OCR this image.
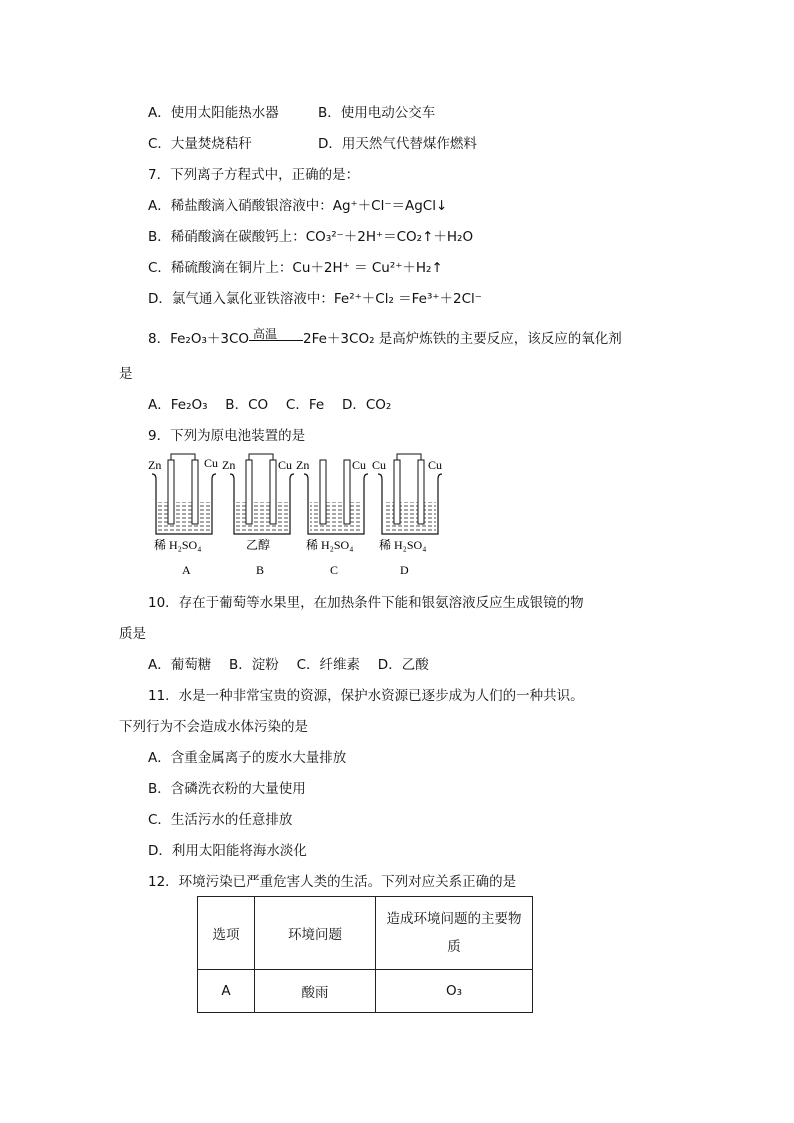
A．使用太阳能热水器	B．使用电动公交车
C．大量焚烧秸秆	D．用天然气代替煤作燃料
7．下列离子方程式中，正确的是：
A．稀盐酸滴入硝酸银溶液中：Ag⁺＋Cl⁻＝AgCl↓
B．稀硝酸滴在碳酸钙上：CO₃²⁻＋2H⁺＝CO₂↑＋H₂O
C．稀硫酸滴在铜片上：Cu＋2H⁺ ＝ Cu²⁺＋H₂↑
D．氯气通入氯化亚铁溶液中：Fe²⁺＋Cl₂ ＝Fe³⁺＋2Cl⁻
8．Fe₂O₃＋3CO 高温 2Fe＋3CO₂ 是高炉炼铁的主要反应，该反应的氧化剂
是
A．Fe₂O₃　 B．CO　 C．Fe　 D．CO₂
9．下列为原电池装置的是
Zn	Cu
稀 H₂SO₄
A
Zn	Cu
乙醇
B
Zn	Cu
稀 H₂SO₄
C
Cu	Cu
稀 H₂SO₄
D
10．存在于葡萄等水果里，在加热条件下能和银氨溶液反应生成银镜的物
质是
A．葡萄糖　 B．淀粉　 C．纤维素　 D．乙酸
11．水是一种非常宝贵的资源，保护水资源已逐步成为人们的一种共识。
下列行为不会造成水体污染的是
A．含重金属离子的废水大量排放
B．含磷洗衣粉的大量使用
C．生活污水的任意排放
D．利用太阳能将海水淡化
12．环境污染已严重危害人类的生活。下列对应关系正确的是
选项	环境问题	造成环境问题的主要物质
A	酸雨	O₃
